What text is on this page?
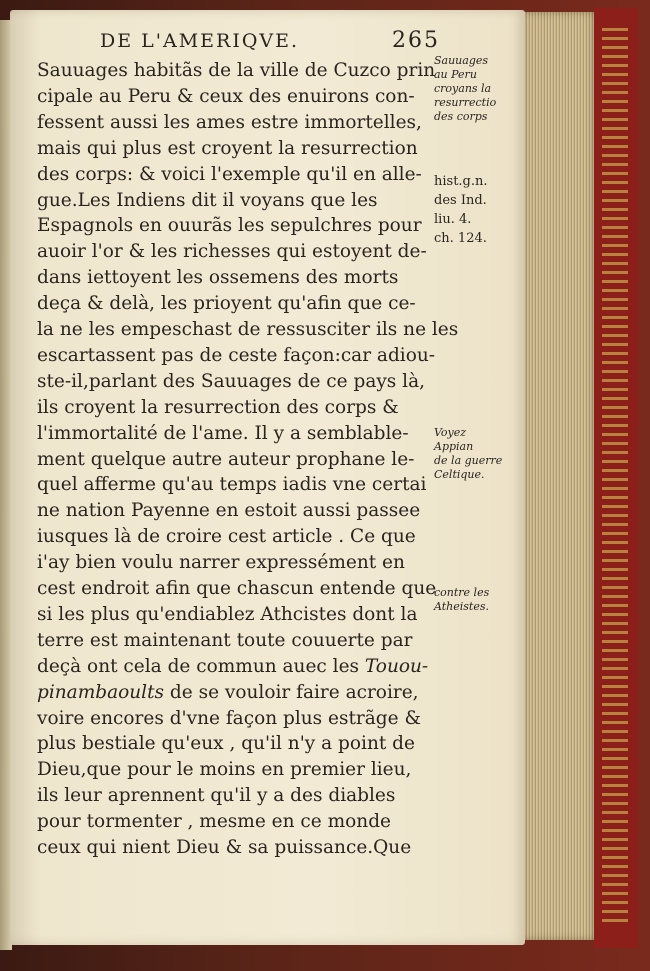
DE L'AMERIQVE.	265
Sauuages habitãs de la ville de Cuzco prin
cipale au Peru & ceux des enuirons con-
fessent aussi les ames estre immortelles,
mais qui plus est croyent la resurrection
des corps: & voici l'exemple qu'il en alle-
gue.Les Indiens dit il voyans que les
Espagnols en ouurãs les sepulchres pour
auoir l'or & les richesses qui estoyent de-
dans iettoyent les ossemens des morts
deça & delà, les prioyent qu'afin que ce-
la ne les empeschast de ressusciter ils ne les
escartassent pas de ceste façon:car adiou-
ste-il,parlant des Sauuages de ce pays là,
ils croyent la resurrection des corps &
l'immortalité de l'ame. Il y a semblable-
ment quelque autre auteur prophane le-
quel afferme qu'au temps iadis vne certai
ne nation Payenne en estoit aussi passee
iusques là de croire cest article . Ce que
i'ay bien voulu narrer expressément en
cest endroit afin que chascun entende que
si les plus qu'endiablez Athcistes dont la
terre est maintenant toute couuerte par
deçà ont cela de commun auec les Touou-
pinambaoults de se vouloir faire acroire,
voire encores d'vne façon plus estrãge &
plus bestiale qu'eux , qu'il n'y a point de
Dieu,que pour le moins en premier lieu,
ils leur aprennent qu'il y a des diables
pour tormenter , mesme en ce monde
ceux qui nient Dieu & sa puissance.Que
Sauuages
au Peru
croyans la
resurrectio
des corps
hist.g.n.
des Ind.
liu. 4.
ch. 124.
Voyez
Appian
de la guerre
Celtique.
contre les
Atheistes.
